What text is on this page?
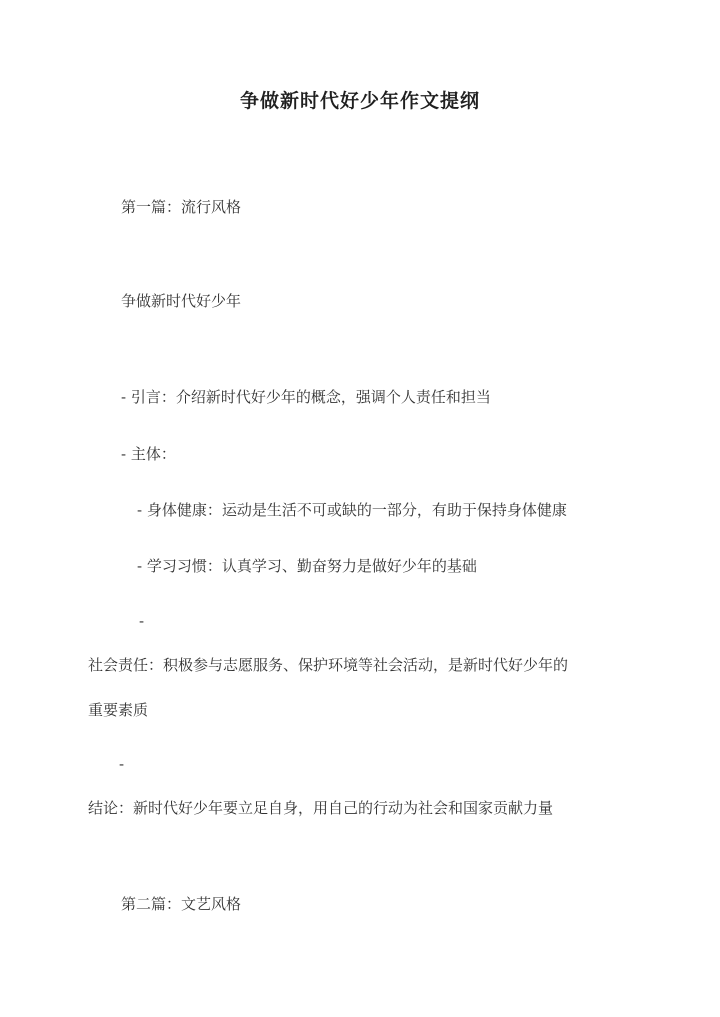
争做新时代好少年作文提纲
第一篇：流行风格
争做新时代好少年
- 引言：介绍新时代好少年的概念，强调个人责任和担当
- 主体：
- 身体健康：运动是生活不可或缺的一部分，有助于保持身体健康
- 学习习惯：认真学习、勤奋努力是做好少年的基础
-
社会责任：积极参与志愿服务、保护环境等社会活动，是新时代好少年的
重要素质
-
结论：新时代好少年要立足自身，用自己的行动为社会和国家贡献力量
第二篇：文艺风格
